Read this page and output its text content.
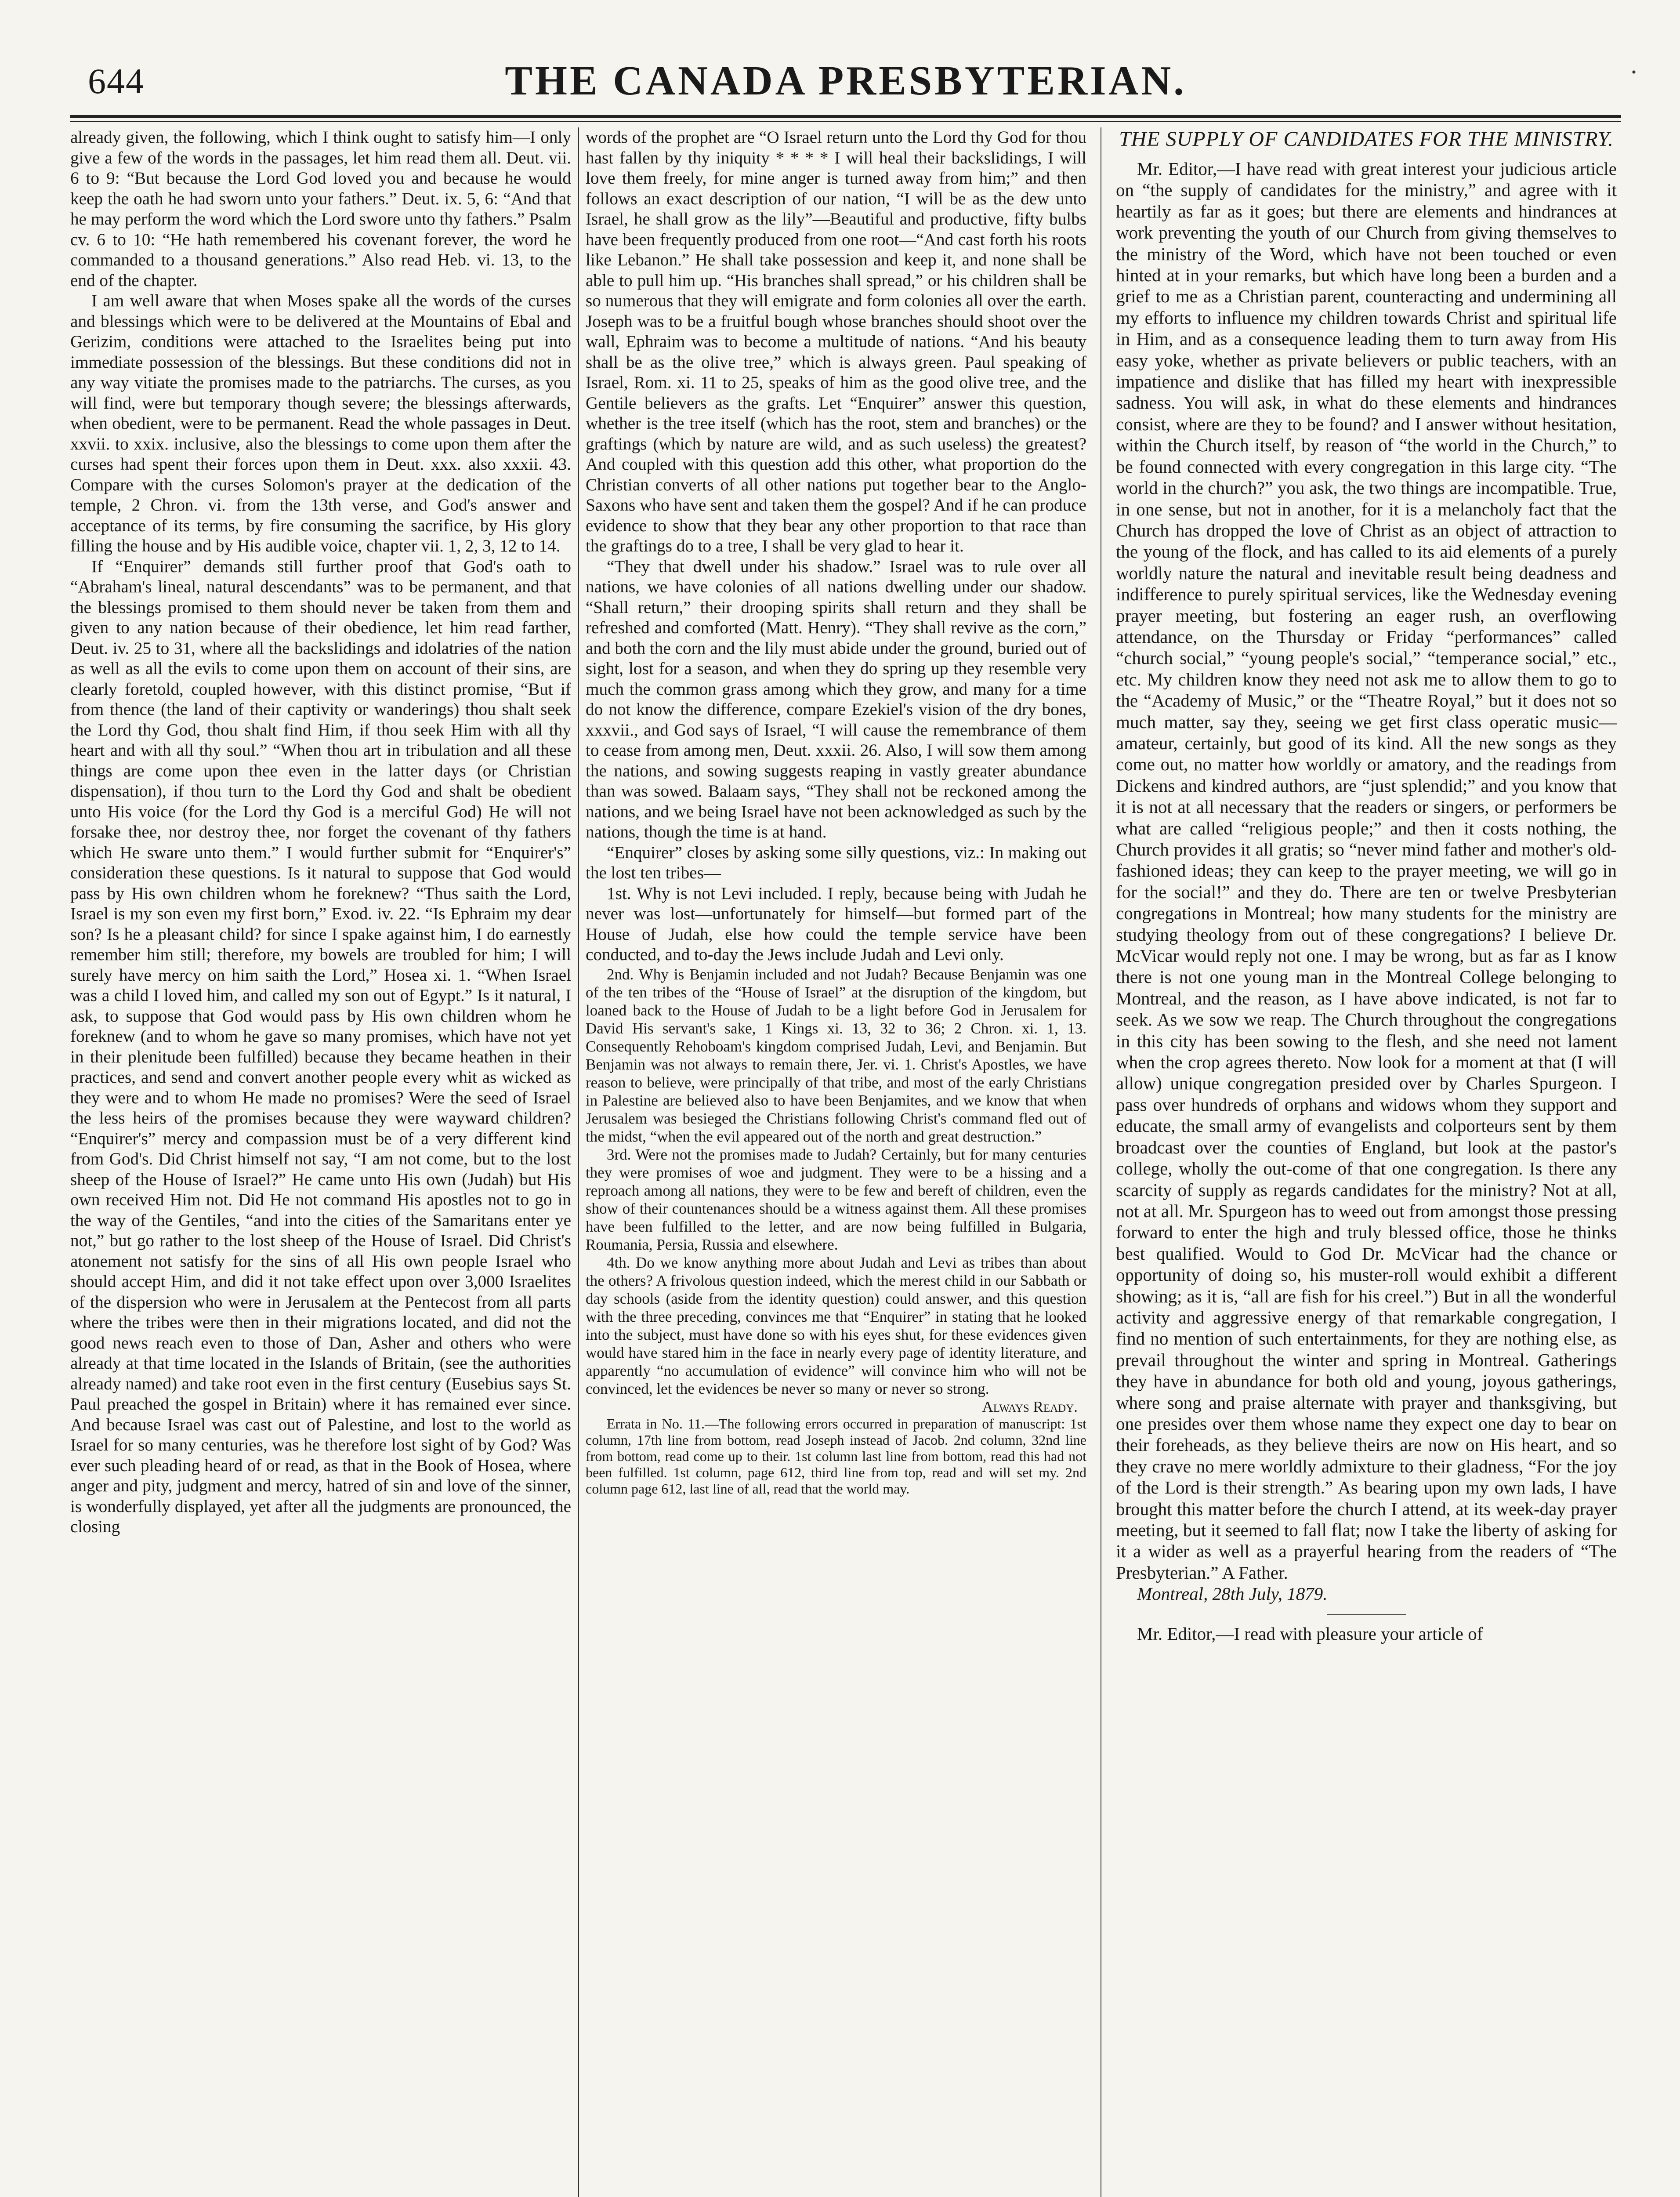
644	THE CANADA PRESBYTERIAN.	·

already given, the following, which I think ought to satisfy him—I only give a few of the words in the passages, let him read them all. Deut. vii. 6 to 9: “But because the Lord God loved you and because he would keep the oath he had sworn unto your fathers.” Deut. ix. 5, 6: “And that he may perform the word which the Lord swore unto thy fathers.” Psalm cv. 6 to 10: “He hath remembered his covenant forever, the word he commanded to a thousand generations.” Also read Heb. vi. 13, to the end of the chapter.

I am well aware that when Moses spake all the words of the curses and blessings which were to be delivered at the Mountains of Ebal and Gerizim, conditions were attached to the Israelites being put into immediate possession of the blessings. But these conditions did not in any way vitiate the promises made to the patriarchs. The curses, as you will find, were but temporary though severe; the blessings afterwards, when obedient, were to be permanent. Read the whole passages in Deut. xxvii. to xxix. inclusive, also the blessings to come upon them after the curses had spent their forces upon them in Deut. xxx. also xxxii. 43. Compare with the curses Solomon's prayer at the dedication of the temple, 2 Chron. vi. from the 13th verse, and God's answer and acceptance of its terms, by fire consuming the sacrifice, by His glory filling the house and by His audible voice, chapter vii. 1, 2, 3, 12 to 14.

If “Enquirer” demands still further proof that God's oath to “Abraham's lineal, natural descendants” was to be permanent, and that the blessings promised to them should never be taken from them and given to any nation because of their obedience, let him read farther, Deut. iv. 25 to 31, where all the backslidings and idolatries of the nation as well as all the evils to come upon them on account of their sins, are clearly foretold, coupled however, with this distinct promise, “But if from thence (the land of their captivity or wanderings) thou shalt seek the Lord thy God, thou shalt find Him, if thou seek Him with all thy heart and with all thy soul.” “When thou art in tribulation and all these things are come upon thee even in the latter days (or Christian dispensation), if thou turn to the Lord thy God and shalt be obedient unto His voice (for the Lord thy God is a merciful God) He will not forsake thee, nor destroy thee, nor forget the covenant of thy fathers which He sware unto them.” I would further submit for “Enquirer's” consideration these questions. Is it natural to suppose that God would pass by His own children whom he foreknew? “Thus saith the Lord, Israel is my son even my first born,” Exod. iv. 22. “Is Ephraim my dear son? Is he a pleasant child? for since I spake against him, I do earnestly remember him still; therefore, my bowels are troubled for him; I will surely have mercy on him saith the Lord,” Hosea xi. 1. “When Israel was a child I loved him, and called my son out of Egypt.” Is it natural, I ask, to suppose that God would pass by His own children whom he foreknew (and to whom he gave so many promises, which have not yet in their plenitude been fulfilled) because they became heathen in their practices, and send and convert another people every whit as wicked as they were and to whom He made no promises? Were the seed of Israel the less heirs of the promises because they were wayward children? “Enquirer's” mercy and compassion must be of a very different kind from God's. Did Christ himself not say, “I am not come, but to the lost sheep of the House of Israel?” He came unto His own (Judah) but His own received Him not. Did He not command His apostles not to go in the way of the Gentiles, “and into the cities of the Samaritans enter ye not,” but go rather to the lost sheep of the House of Israel. Did Christ's atonement not satisfy for the sins of all His own people Israel who should accept Him, and did it not take effect upon over 3,000 Israelites of the dispersion who were in Jerusalem at the Pentecost from all parts where the tribes were then in their migrations located, and did not the good news reach even to those of Dan, Asher and others who were already at that time located in the Islands of Britain, (see the authorities already named) and take root even in the first century (Eusebius says St. Paul preached the gospel in Britain) where it has remained ever since. And because Israel was cast out of Palestine, and lost to the world as Israel for so many centuries, was he therefore lost sight of by God? Was ever such pleading heard of or read, as that in the Book of Hosea, where anger and pity, judgment and mercy, hatred of sin and love of the sinner, is wonderfully displayed, yet after all the judgments are pronounced, the closing

words of the prophet are “O Israel return unto the Lord thy God for thou hast fallen by thy iniquity * * * * I will heal their backslidings, I will love them freely, for mine anger is turned away from him;” and then follows an exact description of our nation, “I will be as the dew unto Israel, he shall grow as the lily”—Beautiful and productive, fifty bulbs have been frequently produced from one root—“And cast forth his roots like Lebanon.” He shall take possession and keep it, and none shall be able to pull him up. “His branches shall spread,” or his children shall be so numerous that they will emigrate and form colonies all over the earth. Joseph was to be a fruitful bough whose branches should shoot over the wall, Ephraim was to become a multitude of nations. “And his beauty shall be as the olive tree,” which is always green. Paul speaking of Israel, Rom. xi. 11 to 25, speaks of him as the good olive tree, and the Gentile believers as the grafts. Let “Enquirer” answer this question, whether is the tree itself (which has the root, stem and branches) or the graftings (which by nature are wild, and as such useless) the greatest? And coupled with this question add this other, what proportion do the Christian converts of all other nations put together bear to the Anglo-Saxons who have sent and taken them the gospel? And if he can produce evidence to show that they bear any other proportion to that race than the graftings do to a tree, I shall be very glad to hear it.

“They that dwell under his shadow.” Israel was to rule over all nations, we have colonies of all nations dwelling under our shadow. “Shall return,” their drooping spirits shall return and they shall be refreshed and comforted (Matt. Henry). “They shall revive as the corn,” and both the corn and the lily must abide under the ground, buried out of sight, lost for a season, and when they do spring up they resemble very much the common grass among which they grow, and many for a time do not know the difference, compare Ezekiel's vision of the dry bones, xxxvii., and God says of Israel, “I will cause the remembrance of them to cease from among men, Deut. xxxii. 26. Also, I will sow them among the nations, and sowing suggests reaping in vastly greater abundance than was sowed. Balaam says, “They shall not be reckoned among the nations, and we being Israel have not been acknowledged as such by the nations, though the time is at hand.

“Enquirer” closes by asking some silly questions, viz.: In making out the lost ten tribes—

1st. Why is not Levi included. I reply, because being with Judah he never was lost—unfortunately for himself—but formed part of the House of Judah, else how could the temple service have been conducted, and to-day the Jews include Judah and Levi only.

2nd. Why is Benjamin included and not Judah? Because Benjamin was one of the ten tribes of the “House of Israel” at the disruption of the kingdom, but loaned back to the House of Judah to be a light before God in Jerusalem for David His servant's sake, 1 Kings xi. 13, 32 to 36; 2 Chron. xi. 1, 13. Consequently Rehoboam's kingdom comprised Judah, Levi, and Benjamin. But Benjamin was not always to remain there, Jer. vi. 1. Christ's Apostles, we have reason to believe, were principally of that tribe, and most of the early Christians in Palestine are believed also to have been Benjamites, and we know that when Jerusalem was besieged the Christians following Christ's command fled out of the midst, “when the evil appeared out of the north and great destruction.”

3rd. Were not the promises made to Judah? Certainly, but for many centuries they were promises of woe and judgment. They were to be a hissing and a reproach among all nations, they were to be few and bereft of children, even the show of their countenances should be a witness against them. All these promises have been fulfilled to the letter, and are now being fulfilled in Bulgaria, Roumania, Persia, Russia and elsewhere.

4th. Do we know anything more about Judah and Levi as tribes than about the others? A frivolous question indeed, which the merest child in our Sabbath or day schools (aside from the identity question) could answer, and this question with the three preceding, convinces me that “Enquirer” in stating that he looked into the subject, must have done so with his eyes shut, for these evidences given would have stared him in the face in nearly every page of identity literature, and apparently “no accumulation of evidence” will convince him who will not be convinced, let the evidences be never so many or never so strong.

Always Ready.

Errata in No. 11.—The following errors occurred in preparation of manuscript: 1st column, 17th line from bottom, read Joseph instead of Jacob. 2nd column, 32nd line from bottom, read come up to their. 1st column last line from bottom, read this had not been fulfilled. 1st column, page 612, third line from top, read and will set my. 2nd column page 612, last line of all, read that the world may.

THE SUPPLY OF CANDIDATES FOR THE MINISTRY.

Mr. Editor,—I have read with great interest your judicious article on “the supply of candidates for the ministry,” and agree with it heartily as far as it goes; but there are elements and hindrances at work preventing the youth of our Church from giving themselves to the ministry of the Word, which have not been touched or even hinted at in your remarks, but which have long been a burden and a grief to me as a Christian parent, counteracting and undermining all my efforts to influence my children towards Christ and spiritual life in Him, and as a consequence leading them to turn away from His easy yoke, whether as private believers or public teachers, with an impatience and dislike that has filled my heart with inexpressible sadness. You will ask, in what do these elements and hindrances consist, where are they to be found? and I answer without hesitation, within the Church itself, by reason of “the world in the Church,” to be found connected with every congregation in this large city. “The world in the church?” you ask, the two things are incompatible. True, in one sense, but not in another, for it is a melancholy fact that the Church has dropped the love of Christ as an object of attraction to the young of the flock, and has called to its aid elements of a purely worldly nature the natural and inevitable result being deadness and indifference to purely spiritual services, like the Wednesday evening prayer meeting, but fostering an eager rush, an overflowing attendance, on the Thursday or Friday “performances” called “church social,” “young people's social,” “temperance social,” etc., etc. My children know they need not ask me to allow them to go to the “Academy of Music,” or the “Theatre Royal,” but it does not so much matter, say they, seeing we get first class operatic music—amateur, certainly, but good of its kind. All the new songs as they come out, no matter how worldly or amatory, and the readings from Dickens and kindred authors, are “just splendid;” and you know that it is not at all necessary that the readers or singers, or performers be what are called “religious people;” and then it costs nothing, the Church provides it all gratis; so “never mind father and mother's old-fashioned ideas; they can keep to the prayer meeting, we will go in for the social!” and they do. There are ten or twelve Presbyterian congregations in Montreal; how many students for the ministry are studying theology from out of these congregations? I believe Dr. McVicar would reply not one. I may be wrong, but as far as I know there is not one young man in the Montreal College belonging to Montreal, and the reason, as I have above indicated, is not far to seek. As we sow we reap. The Church throughout the congregations in this city has been sowing to the flesh, and she need not lament when the crop agrees thereto. Now look for a moment at that (I will allow) unique congregation presided over by Charles Spurgeon. I pass over hundreds of orphans and widows whom they support and educate, the small army of evangelists and colporteurs sent by them broadcast over the counties of England, but look at the pastor's college, wholly the out-come of that one congregation. Is there any scarcity of supply as regards candidates for the ministry? Not at all, not at all. Mr. Spurgeon has to weed out from amongst those pressing forward to enter the high and truly blessed office, those he thinks best qualified. Would to God Dr. McVicar had the chance or opportunity of doing so, his muster-roll would exhibit a different showing; as it is, “all are fish for his creel.”) But in all the wonderful activity and aggressive energy of that remarkable congregation, I find no mention of such entertainments, for they are nothing else, as prevail throughout the winter and spring in Montreal. Gatherings they have in abundance for both old and young, joyous gatherings, where song and praise alternate with prayer and thanksgiving, but one presides over them whose name they expect one day to bear on their foreheads, as they believe theirs are now on His heart, and so they crave no mere worldly admixture to their gladness, “For the joy of the Lord is their strength.” As bearing upon my own lads, I have brought this matter before the church I attend, at its week-day prayer meeting, but it seemed to fall flat; now I take the liberty of asking for it a wider as well as a prayerful hearing from the readers of “The Presbyterian.” A Father.

Montreal, 28th July, 1879.

Mr. Editor,—I read with pleasure your article of
